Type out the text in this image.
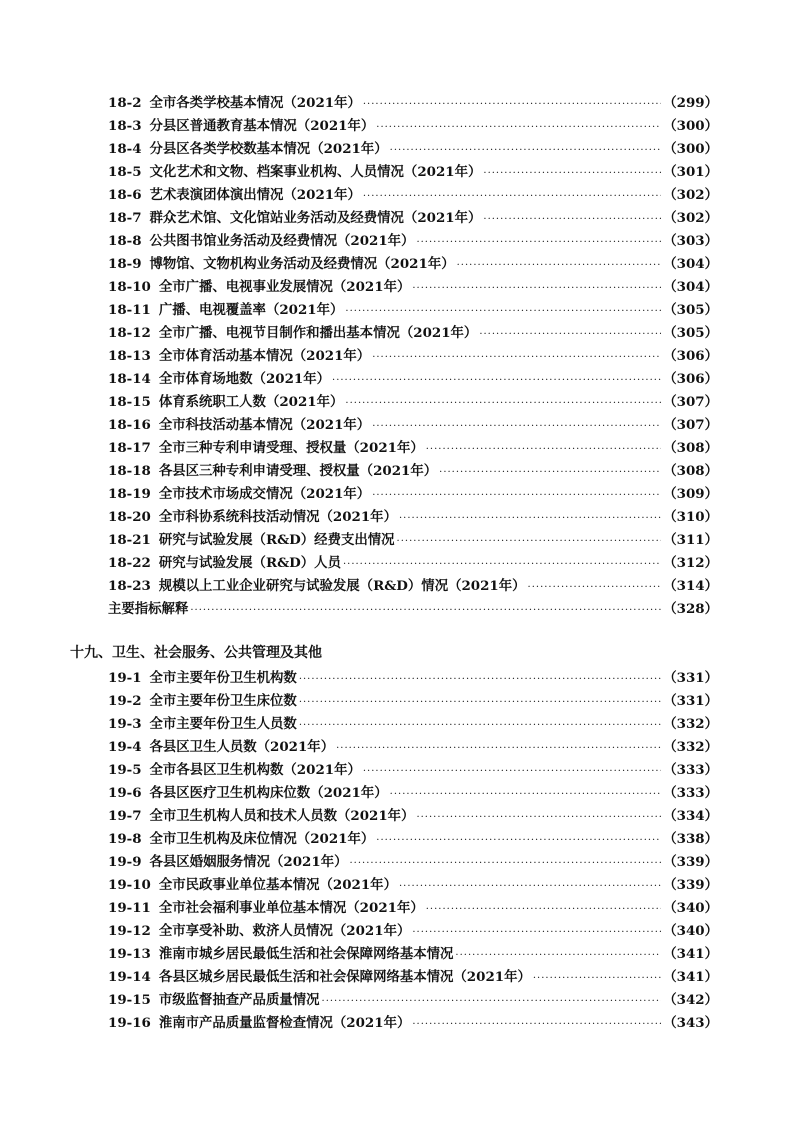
18-2 全市各类学校基本情况（2021年） ·····	（299）
18-3 分县区普通教育基本情况（2021年） ·····	（300）
18-4 分县区各类学校数基本情况（2021年） ·····	（300）
18-5 文化艺术和文物、档案事业机构、人员情况（2021年） ·····	（301）
18-6 艺术表演团体演出情况（2021年） ·····	（302）
18-7 群众艺术馆、文化馆站业务活动及经费情况（2021年） ·····	（302）
18-8 公共图书馆业务活动及经费情况（2021年） ·····	（303）
18-9 博物馆、文物机构业务活动及经费情况（2021年） ·····	（304）
18-10 全市广播、电视事业发展情况（2021年） ·····	（304）
18-11 广播、电视覆盖率（2021年） ·····	（305）
18-12 全市广播、电视节目制作和播出基本情况（2021年） ·····	（305）
18-13 全市体育活动基本情况（2021年） ·····	（306）
18-14 全市体育场地数（2021年） ·····	（306）
18-15 体育系统职工人数（2021年） ·····	（307）
18-16 全市科技活动基本情况（2021年） ·····	（307）
18-17 全市三种专利申请受理、授权量（2021年） ·····	（308）
18-18 各县区三种专利申请受理、授权量（2021年） ·····	（308）
18-19 全市技术市场成交情况（2021年） ·····	（309）
18-20 全市科协系统科技活动情况（2021年） ·····	（310）
18-21 研究与试验发展（R&D）经费支出情况 ·····	（311）
18-22 研究与试验发展（R&D）人员 ·····	（312）
18-23 规模以上工业企业研究与试验发展（R&D）情况（2021年） ·····	（314）
主要指标解释 ·····	（328）
十九、卫生、社会服务、公共管理及其他
19-1 全市主要年份卫生机构数 ·····	（331）
19-2 全市主要年份卫生床位数 ·····	（331）
19-3 全市主要年份卫生人员数 ·····	（332）
19-4 各县区卫生人员数（2021年） ·····	（332）
19-5 全市各县区卫生机构数（2021年） ·····	（333）
19-6 各县区医疗卫生机构床位数（2021年） ·····	（333）
19-7 全市卫生机构人员和技术人员数（2021年） ·····	（334）
19-8 全市卫生机构及床位情况（2021年） ·····	（338）
19-9 各县区婚姻服务情况（2021年） ·····	（339）
19-10 全市民政事业单位基本情况（2021年） ·····	（339）
19-11 全市社会福利事业单位基本情况（2021年） ·····	（340）
19-12 全市享受补助、救济人员情况（2021年） ·····	（340）
19-13 淮南市城乡居民最低生活和社会保障网络基本情况 ·····	（341）
19-14 各县区城乡居民最低生活和社会保障网络基本情况（2021年） ·····	（341）
19-15 市级监督抽查产品质量情况 ·····	（342）
19-16 淮南市产品质量监督检查情况（2021年） ·····	（343）
